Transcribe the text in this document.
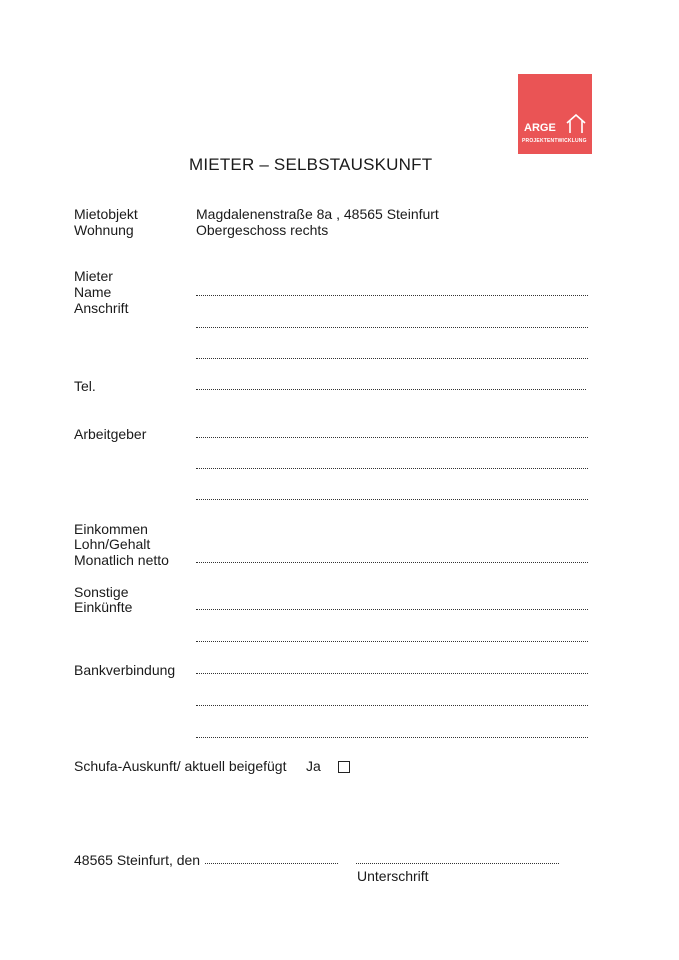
ARGE
PROJEKTENTWICKLUNG
MIETER – SELBSTAUSKUNFT
Mietobjekt
Wohnung
Magdalenenstraße 8a , 48565 Steinfurt
Obergeschoss rechts
Mieter
Name
Anschrift
Tel.
Arbeitgeber
Einkommen
Lohn/Gehalt
Monatlich netto
Sonstige
Einkünfte
Bankverbindung
Schufa-Auskunft/ aktuell beigefügt Ja
48565 Steinfurt, den
Unterschrift
